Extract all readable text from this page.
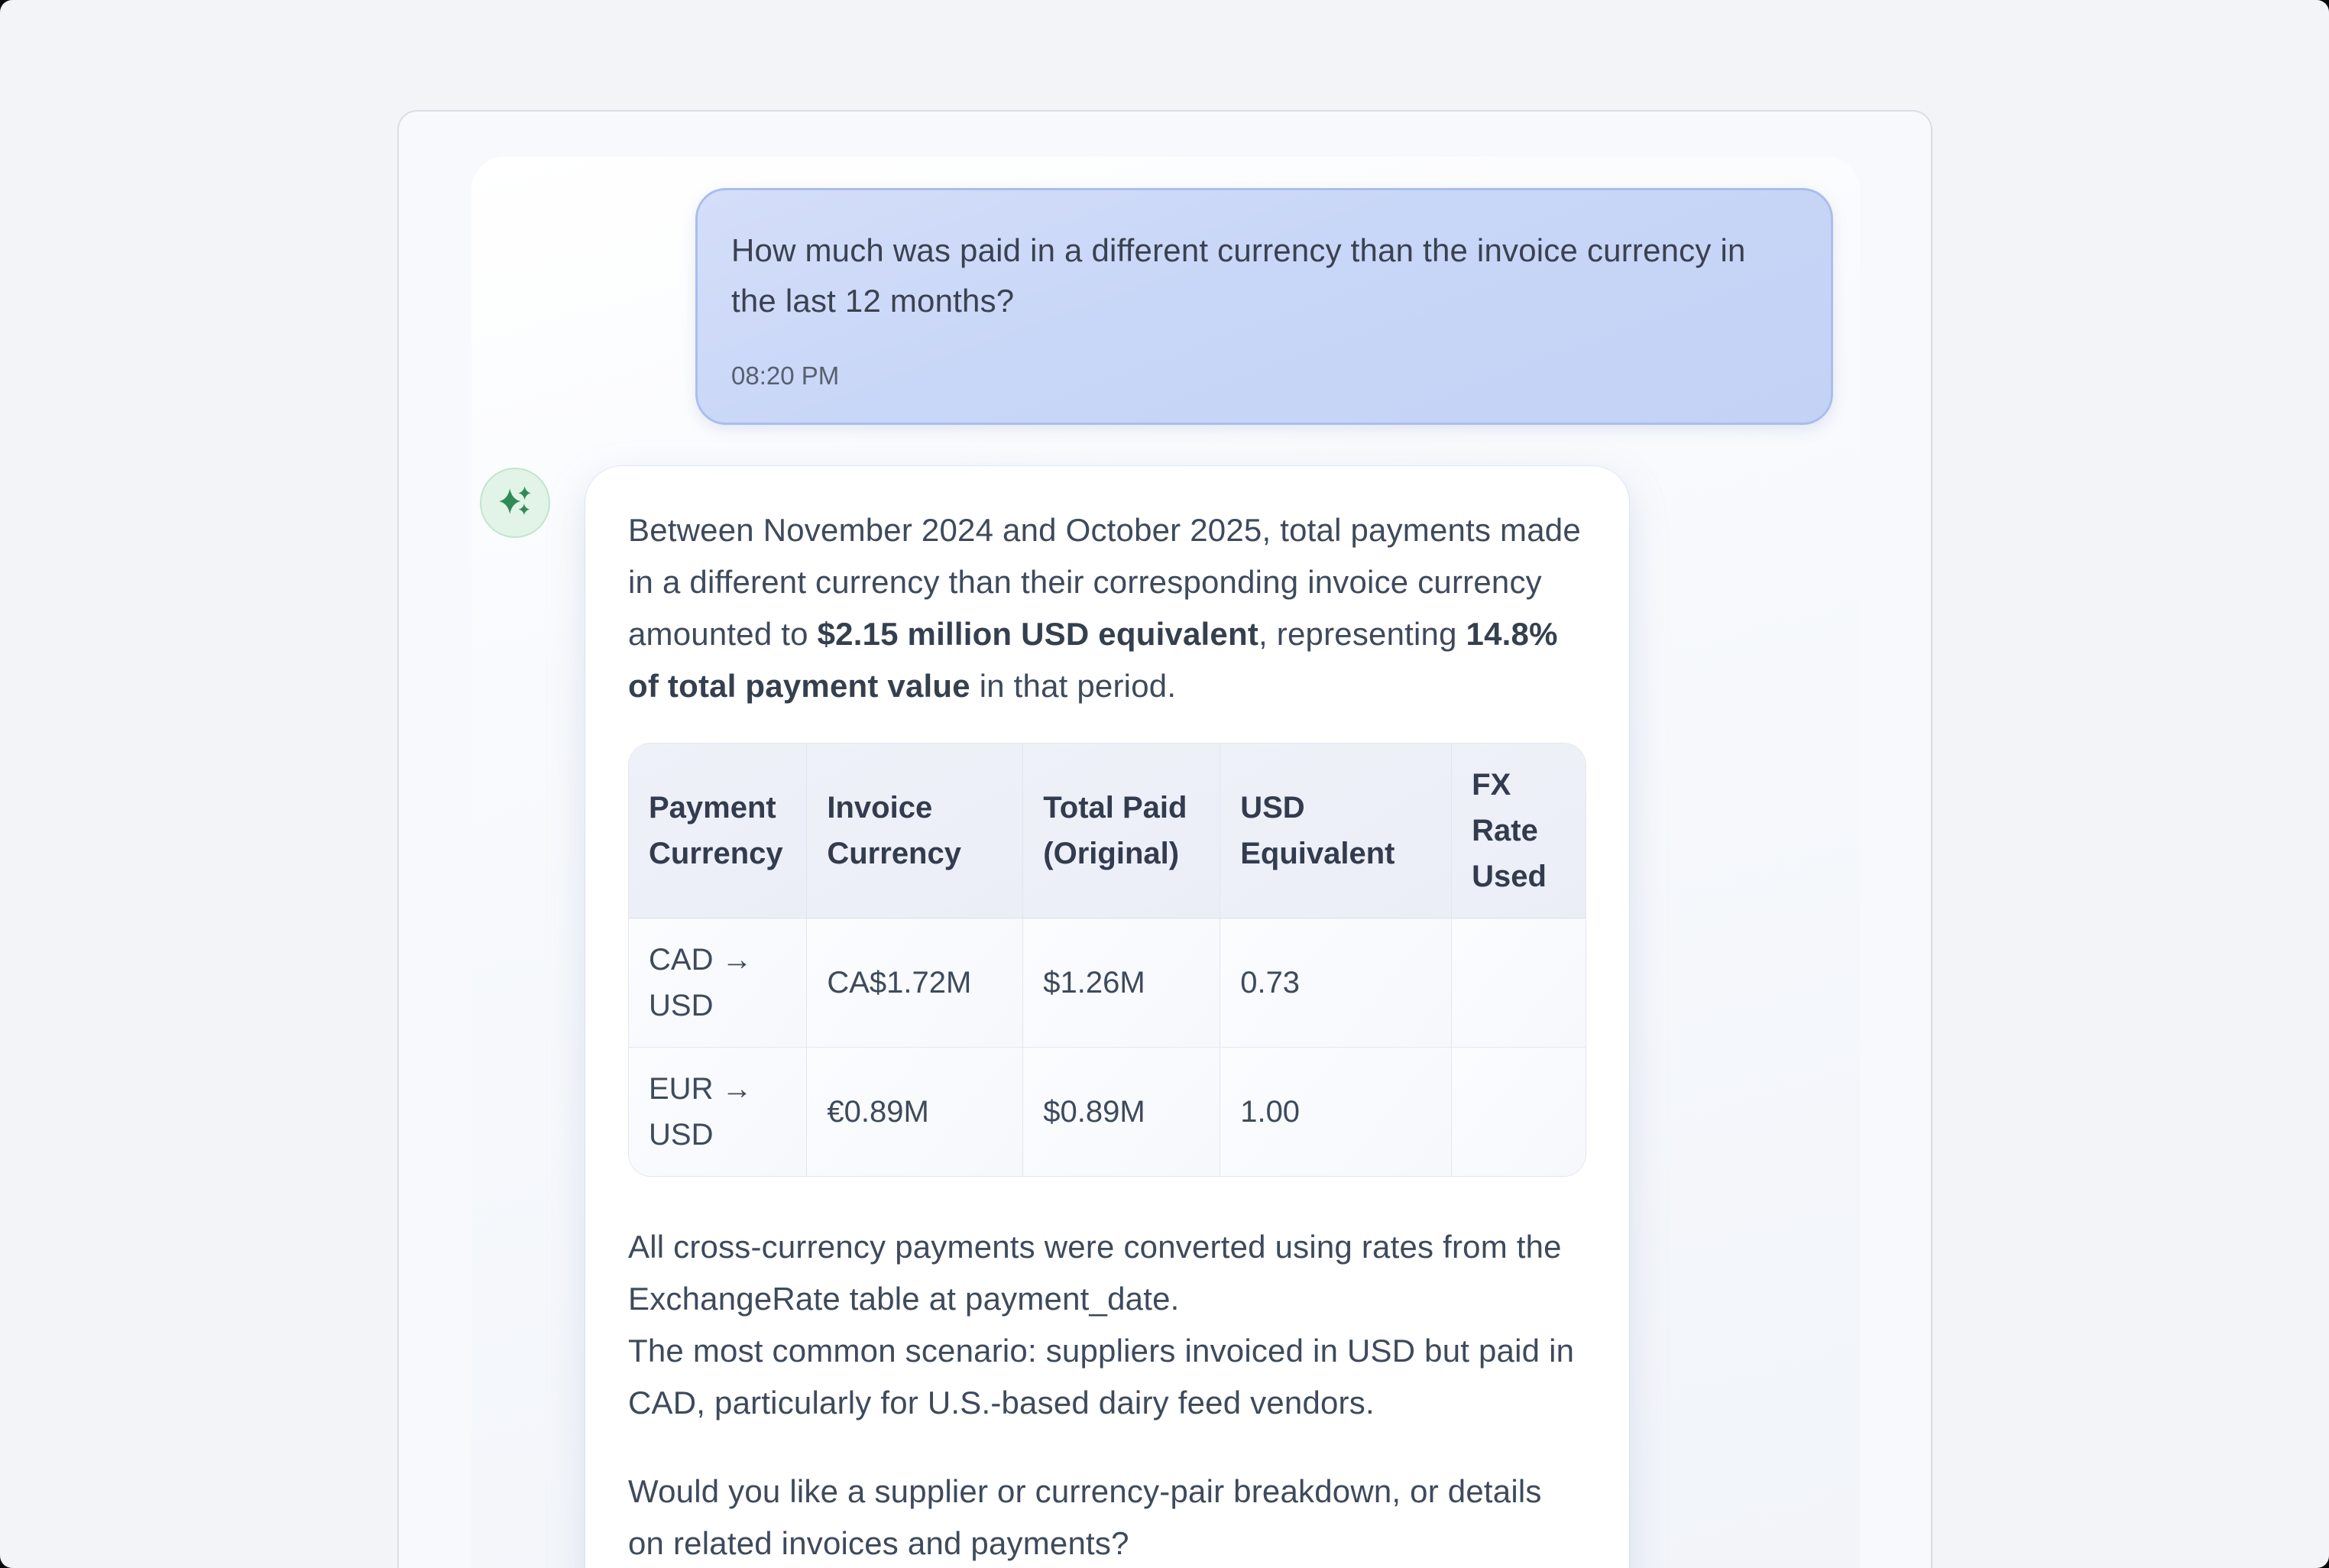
How much was paid in a different currency than the invoice currency in the last 12 months?
08:20 PM
Between November 2024 and October 2025, total payments made in a different currency than their corresponding invoice currency amounted to $2.15 million USD equivalent, representing 14.8% of total payment value in that period.
Payment Currency	Invoice Currency	Total Paid (Original)	USD Equivalent	FX Rate Used
CAD → USD	CA$1.72M	$1.26M	0.73	
EUR → USD	€0.89M	$0.89M	1.00	
All cross-currency payments were converted using rates from the ExchangeRate table at payment_date.
The most common scenario: suppliers invoiced in USD but paid in CAD, particularly for U.S.-based dairy feed vendors.
Would you like a supplier or currency-pair breakdown, or details on related invoices and payments?
